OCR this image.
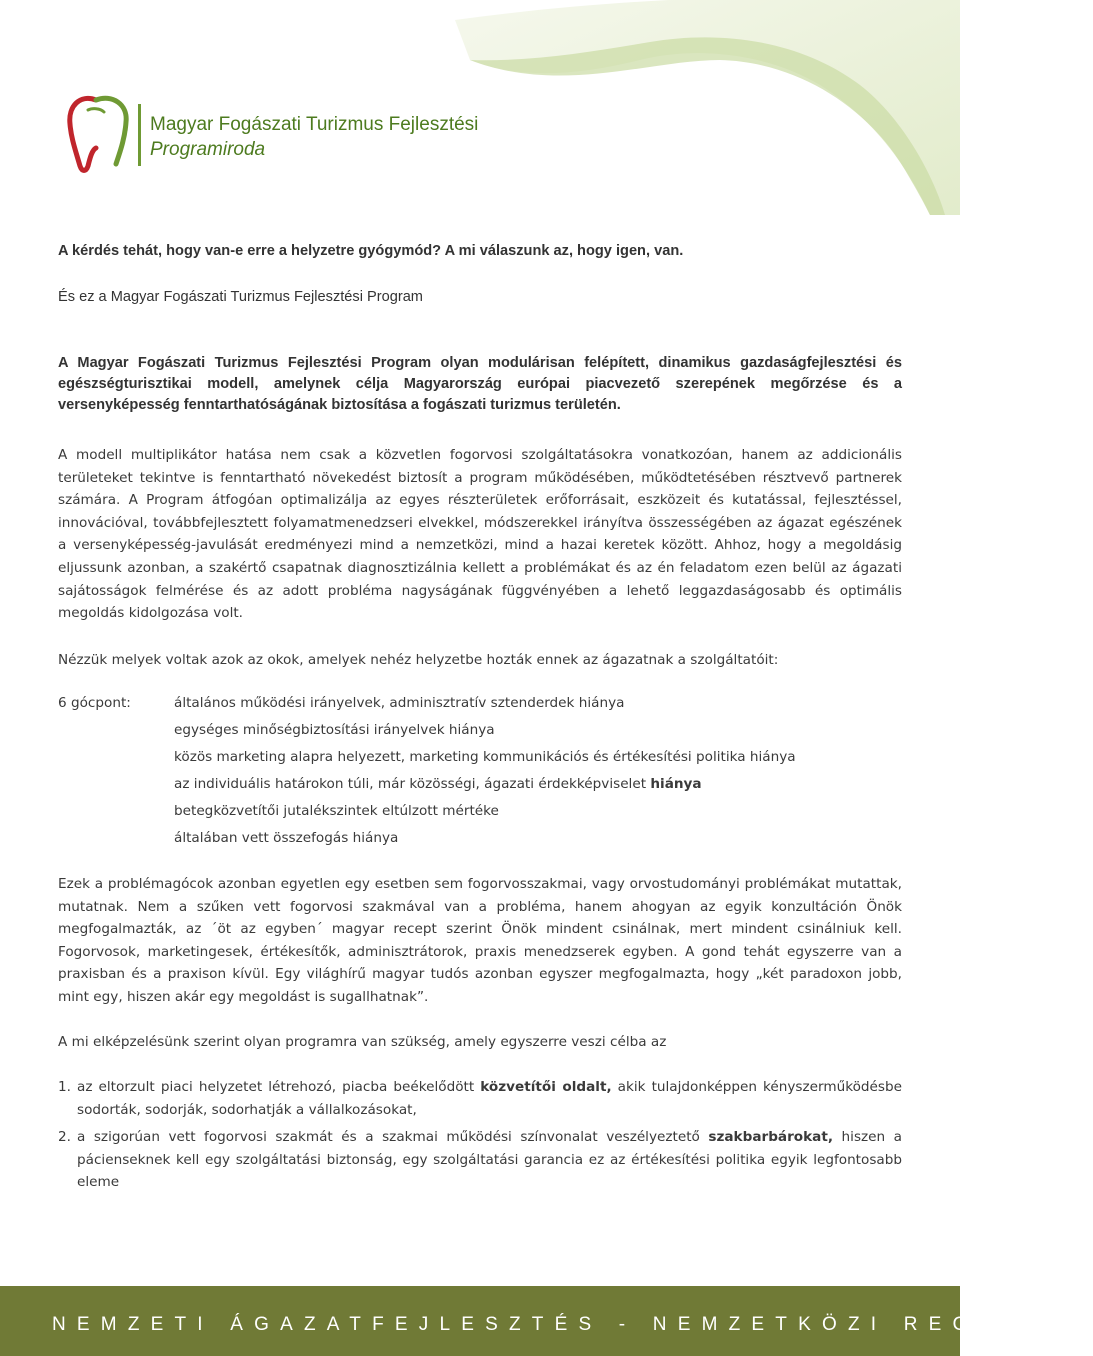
Magyar Fogászati Turizmus Fejlesztési
Programiroda
A kérdés tehát, hogy van-e erre a helyzetre gyógymód? A mi válaszunk az, hogy igen, van.
És ez a Magyar Fogászati Turizmus Fejlesztési Program
A Magyar Fogászati Turizmus Fejlesztési Program olyan modulárisan felépített, dinamikus gazdaságfejlesztési és egészségturisztikai modell, amelynek célja Magyarország európai piacvezető szerepének megőrzése és a versenyképesség fenntarthatóságának biztosítása a fogászati turizmus területén.
A modell multiplikátor hatása nem csak a közvetlen fogorvosi szolgáltatásokra vonatkozóan, hanem az addicionális területeket tekintve is fenntartható növekedést biztosít a program működésében, működtetésében résztvevő partnerek számára. A Program átfogóan optimalizálja az egyes részterületek erőforrásait, eszközeit és kutatással, fejlesztéssel, innovációval, továbbfejlesztett folyamatmenedzseri elvekkel, módszerekkel irányítva összességében az ágazat egészének a versenyképesség-javulását eredményezi mind a nemzetközi, mind a hazai keretek között. Ahhoz, hogy a megoldásig eljussunk azonban, a szakértő csapatnak diagnosztizálnia kellett a problémákat és az én feladatom ezen belül az ágazati sajátosságok felmérése és az adott probléma nagyságának függvényében a lehető leggazdaságosabb és optimális megoldás kidolgozása volt.
Nézzük melyek voltak azok az okok, amelyek nehéz helyzetbe hozták ennek az ágazatnak a szolgáltatóit:
6 gócpont:	általános működési irányelvek, adminisztratív sztenderdek hiánya
egységes minőségbiztosítási irányelvek hiánya
közös marketing alapra helyezett, marketing kommunikációs és értékesítési politika hiánya
az individuális határokon túli, már közösségi, ágazati érdekképviselet hiánya
betegközvetítői jutalékszintek eltúlzott mértéke
általában vett összefogás hiánya
Ezek a problémagócok azonban egyetlen egy esetben sem fogorvosszakmai, vagy orvostudományi problémákat mutattak, mutatnak. Nem a szűken vett fogorvosi szakmával van a probléma, hanem ahogyan az egyik konzultáción Önök megfogalmazták, az ´öt az egyben´ magyar recept szerint Önök mindent csinálnak, mert mindent csinálniuk kell. Fogorvosok, marketingesek, értékesítők, adminisztrátorok, praxis menedzserek egyben. A gond tehát egyszerre van a praxisban és a praxison kívül. Egy világhírű magyar tudós azonban egyszer megfogalmazta, hogy „két paradoxon jobb, mint egy, hiszen akár egy megoldást is sugallhatnak”.
A mi elképzelésünk szerint olyan programra van szükség, amely egyszerre veszi célba az
1. az eltorzult piaci helyzetet létrehozó, piacba beékelődött közvetítői oldalt, akik tulajdonképpen kényszerműködésbe sodorták, sodorják, sodorhatják a vállalkozásokat,
2. a szigorúan vett fogorvosi szakmát és a szakmai működési színvonalat veszélyeztető szakbarbárokat, hiszen a pácienseknek kell egy szolgáltatási biztonság, egy szolgáltatási garancia ez az értékesítési politika egyik legfontosabb eleme
NEMZETI ÁGAZATFEJLESZTÉS - NEMZETKÖZI RECEPTJE
